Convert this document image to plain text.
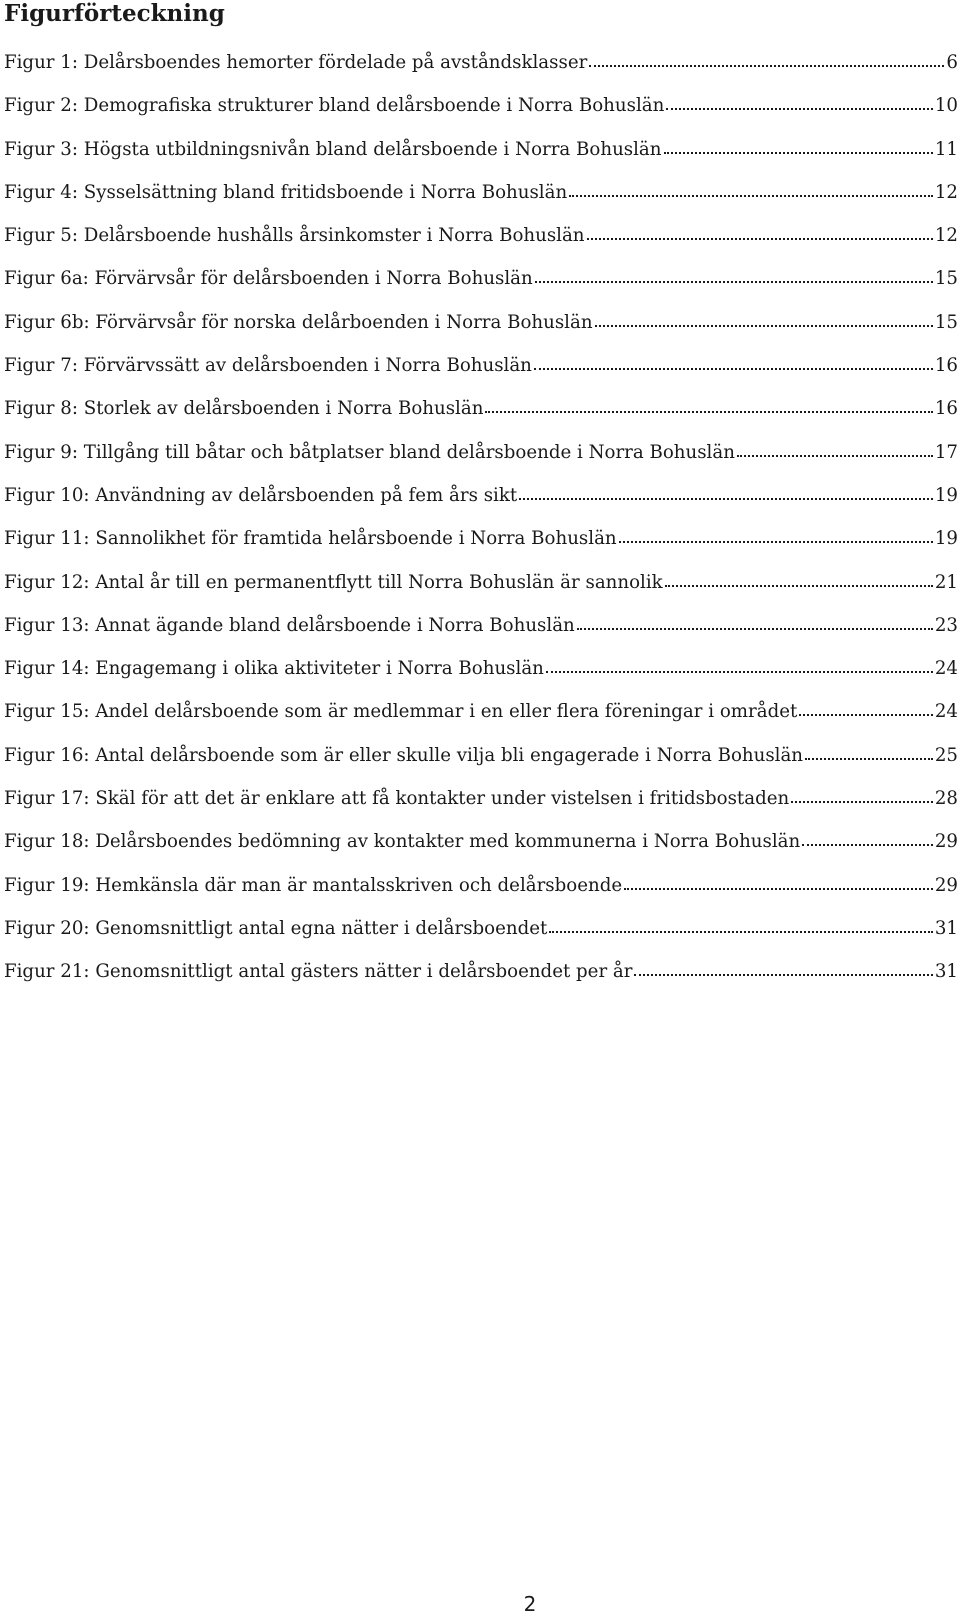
Figurförteckning
Figur 1: Delårsboendes hemorter fördelade på avståndsklasser	6
Figur 2: Demografiska strukturer bland delårsboende i Norra Bohuslän	10
Figur 3: Högsta utbildningsnivån bland delårsboende i Norra Bohuslän	11
Figur 4: Sysselsättning bland fritidsboende i Norra Bohuslän	12
Figur 5: Delårsboende hushålls årsinkomster i Norra Bohuslän	12
Figur 6a: Förvärvsår för delårsboenden i Norra Bohuslän	15
Figur 6b: Förvärvsår för norska delårboenden i Norra Bohuslän	15
Figur 7: Förvärvssätt av delårsboenden i Norra Bohuslän	16
Figur 8: Storlek av delårsboenden i Norra Bohuslän	16
Figur 9: Tillgång till båtar och båtplatser bland delårsboende i Norra Bohuslän	17
Figur 10: Användning av delårsboenden på fem års sikt	19
Figur 11: Sannolikhet för framtida helårsboende i Norra Bohuslän	19
Figur 12: Antal år till en permanentflytt till Norra Bohuslän är sannolik	21
Figur 13: Annat ägande bland delårsboende i Norra Bohuslän	23
Figur 14: Engagemang i olika aktiviteter i Norra Bohuslän	24
Figur 15: Andel delårsboende som är medlemmar i en eller flera föreningar i området	24
Figur 16: Antal delårsboende som är eller skulle vilja bli engagerade i Norra Bohuslän	25
Figur 17: Skäl för att det är enklare att få kontakter under vistelsen i fritidsbostaden	28
Figur 18: Delårsboendes bedömning av kontakter med kommunerna i Norra Bohuslän	29
Figur 19: Hemkänsla där man är mantalsskriven och delårsboende	29
Figur 20: Genomsnittligt antal egna nätter i delårsboendet	31
Figur 21: Genomsnittligt antal gästers nätter i delårsboendet per år	31
2
